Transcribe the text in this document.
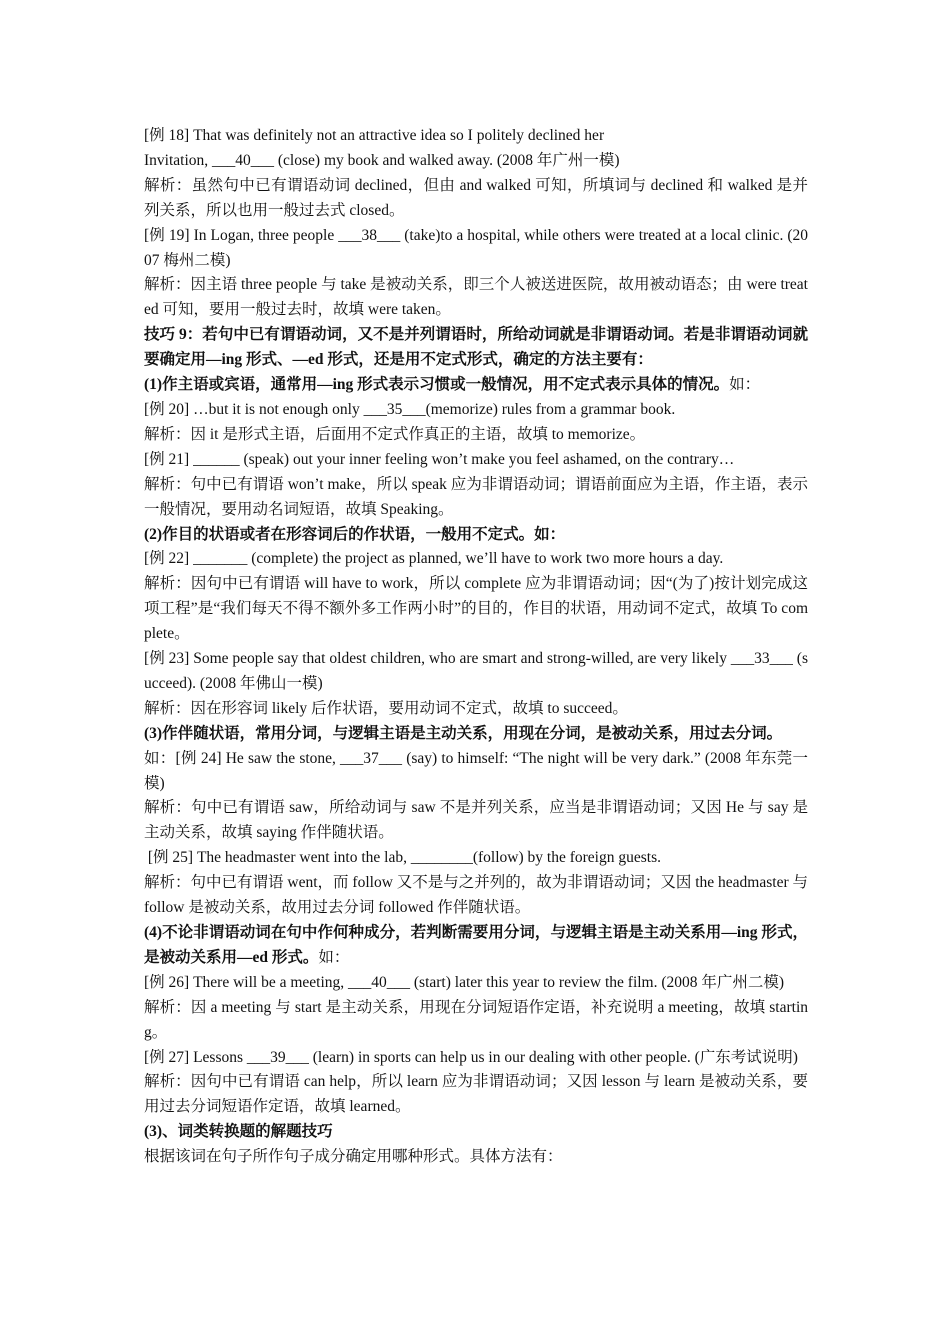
[例 18] That was definitely not an attractive idea so I politely declined her

Invitation, ___40___ (close) my book and walked away. (2008 年广州一模)

解析：虽然句中已有谓语动词 declined，但由 and walked 可知，所填词与 declined 和 walked 是并列关系，所以也用一般过去式 closed。

[例 19] In Logan, three people ___38___ (take)to a hospital, while others were treated at a local clinic. (2007 梅州二模)

解析：因主语 three people 与 take 是被动关系，即三个人被送进医院，故用被动语态；由 were treated 可知，要用一般过去时，故填 were taken。

技巧 9：若句中已有谓语动词，又不是并列谓语时，所给动词就是非谓语动词。若是非谓语动词就要确定用—ing 形式、—ed 形式，还是用不定式形式，确定的方法主要有：

(1)作主语或宾语，通常用—ing 形式表示习惯或一般情况，用不定式表示具体的情况。如：

[例 20] …but it is not enough only ___35___(memorize) rules from a grammar book.

解析：因 it 是形式主语，后面用不定式作真正的主语，故填 to memorize。

[例 21] ______ (speak) out your inner feeling won’t make you feel ashamed, on the contrary…

解析：句中已有谓语 won’t make，所以 speak 应为非谓语动词；谓语前面应为主语，作主语，表示一般情况，要用动名词短语，故填 Speaking。

(2)作目的状语或者在形容词后的作状语，一般用不定式。如：

[例 22] _______ (complete) the project as planned, we’ll have to work two more hours a day.

解析：因句中已有谓语 will have to work，所以 complete 应为非谓语动词；因“(为了)按计划完成这项工程”是“我们每天不得不额外多工作两小时”的目的，作目的状语，用动词不定式，故填 To complete。

[例 23] Some people say that oldest children, who are smart and strong-willed, are very likely ___33___ (succeed). (2008 年佛山一模)

解析：因在形容词 likely 后作状语，要用动词不定式，故填 to succeed。

(3)作伴随状语，常用分词，与逻辑主语是主动关系，用现在分词，是被动关系，用过去分词。

如：[例 24] He saw the stone, ___37___ (say) to himself: “The night will be very dark.” (2008 年东莞一模)

解析：句中已有谓语 saw，所给动词与 saw 不是并列关系，应当是非谓语动词；又因 He 与 say 是主动关系，故填 saying 作伴随状语。

[例 25] The headmaster went into the lab, ________(follow) by the foreign guests.

解析：句中已有谓语 went，而 follow 又不是与之并列的，故为非谓语动词；又因 the headmaster 与 follow 是被动关系，故用过去分词 followed 作伴随状语。

(4)不论非谓语动词在句中作何种成分，若判断需要用分词，与逻辑主语是主动关系用—ing 形式，是被动关系用—ed 形式。如：

[例 26] There will be a meeting, ___40___ (start) later this year to review the film. (2008 年广州二模)

解析：因 a meeting 与 start 是主动关系，用现在分词短语作定语，补充说明 a meeting，故填 starting。

[例 27] Lessons ___39___ (learn) in sports can help us in our dealing with other people. (广东考试说明)

解析：因句中已有谓语 can help，所以 learn 应为非谓语动词；又因 lesson 与 learn 是被动关系，要用过去分词短语作定语，故填 learned。

(3)、词类转换题的解题技巧

根据该词在句子所作句子成分确定用哪种形式。具体方法有：
